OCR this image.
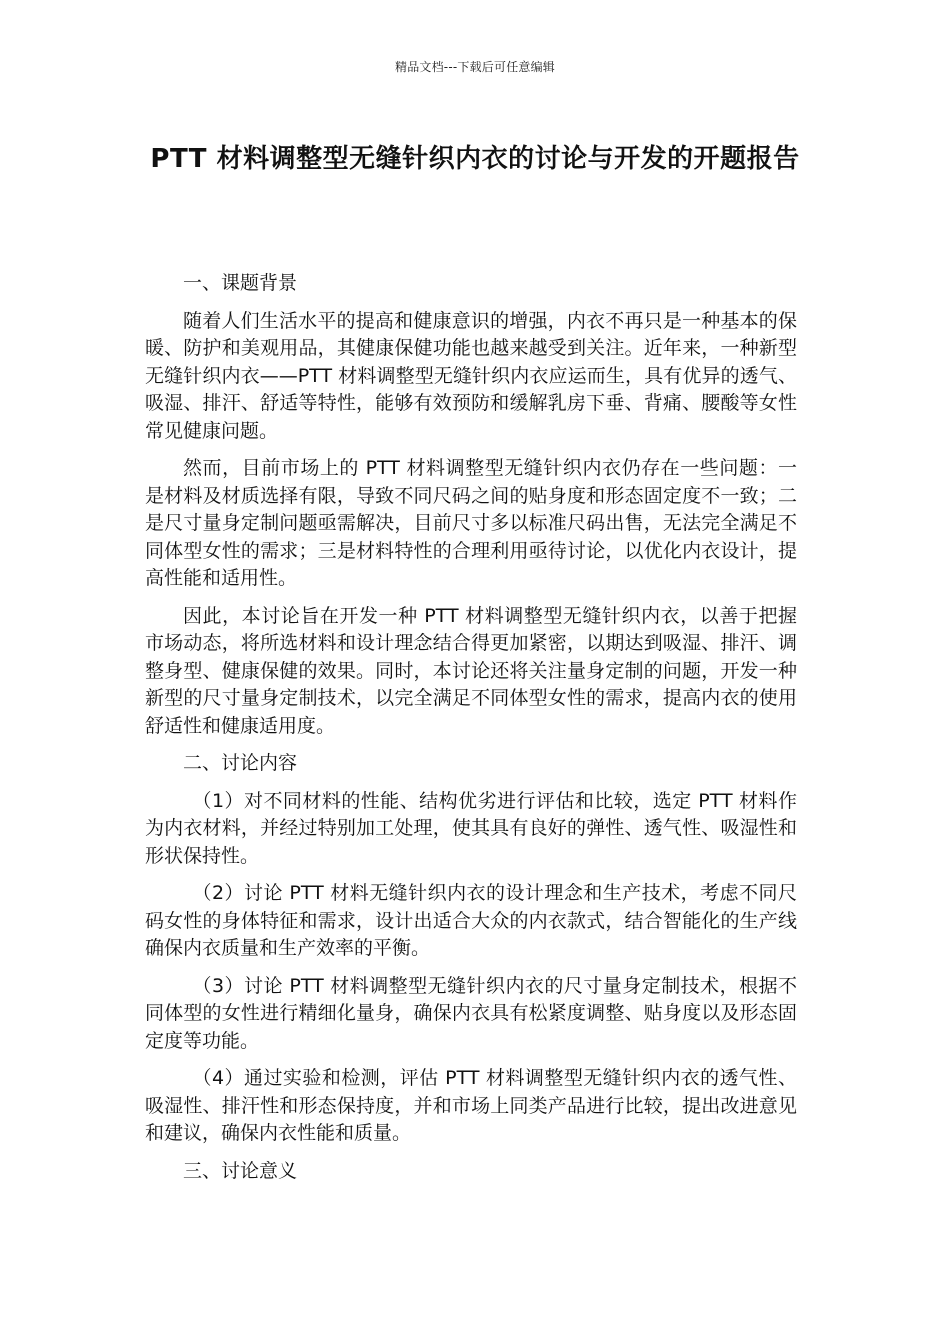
精品文档---下载后可任意编辑
PTT 材料调整型无缝针织内衣的讨论与开发的开题报告

一、课题背景

随着人们生活水平的提高和健康意识的增强，内衣不再只是一种基本的保暖、防护和美观用品，其健康保健功能也越来越受到关注。近年来，一种新型无缝针织内衣——PTT 材料调整型无缝针织内衣应运而生，具有优异的透气、吸湿、排汗、舒适等特性，能够有效预防和缓解乳房下垂、背痛、腰酸等女性常见健康问题。

然而，目前市场上的 PTT 材料调整型无缝针织内衣仍存在一些问题：一是材料及材质选择有限，导致不同尺码之间的贴身度和形态固定度不一致；二是尺寸量身定制问题亟需解决，目前尺寸多以标准尺码出售，无法完全满足不同体型女性的需求；三是材料特性的合理利用亟待讨论，以优化内衣设计，提高性能和适用性。

因此，本讨论旨在开发一种 PTT 材料调整型无缝针织内衣，以善于把握市场动态，将所选材料和设计理念结合得更加紧密，以期达到吸湿、排汗、调整身型、健康保健的效果。同时，本讨论还将关注量身定制的问题，开发一种新型的尺寸量身定制技术，以完全满足不同体型女性的需求，提高内衣的使用舒适性和健康适用度。

二、讨论内容

（1）对不同材料的性能、结构优劣进行评估和比较，选定 PTT 材料作为内衣材料，并经过特别加工处理，使其具有良好的弹性、透气性、吸湿性和形状保持性。

（2）讨论 PTT 材料无缝针织内衣的设计理念和生产技术，考虑不同尺码女性的身体特征和需求，设计出适合大众的内衣款式，结合智能化的生产线确保内衣质量和生产效率的平衡。

（3）讨论 PTT 材料调整型无缝针织内衣的尺寸量身定制技术，根据不同体型的女性进行精细化量身，确保内衣具有松紧度调整、贴身度以及形态固定度等功能。

（4）通过实验和检测，评估 PTT 材料调整型无缝针织内衣的透气性、吸湿性、排汗性和形态保持度，并和市场上同类产品进行比较，提出改进意见和建议，确保内衣性能和质量。

三、讨论意义
